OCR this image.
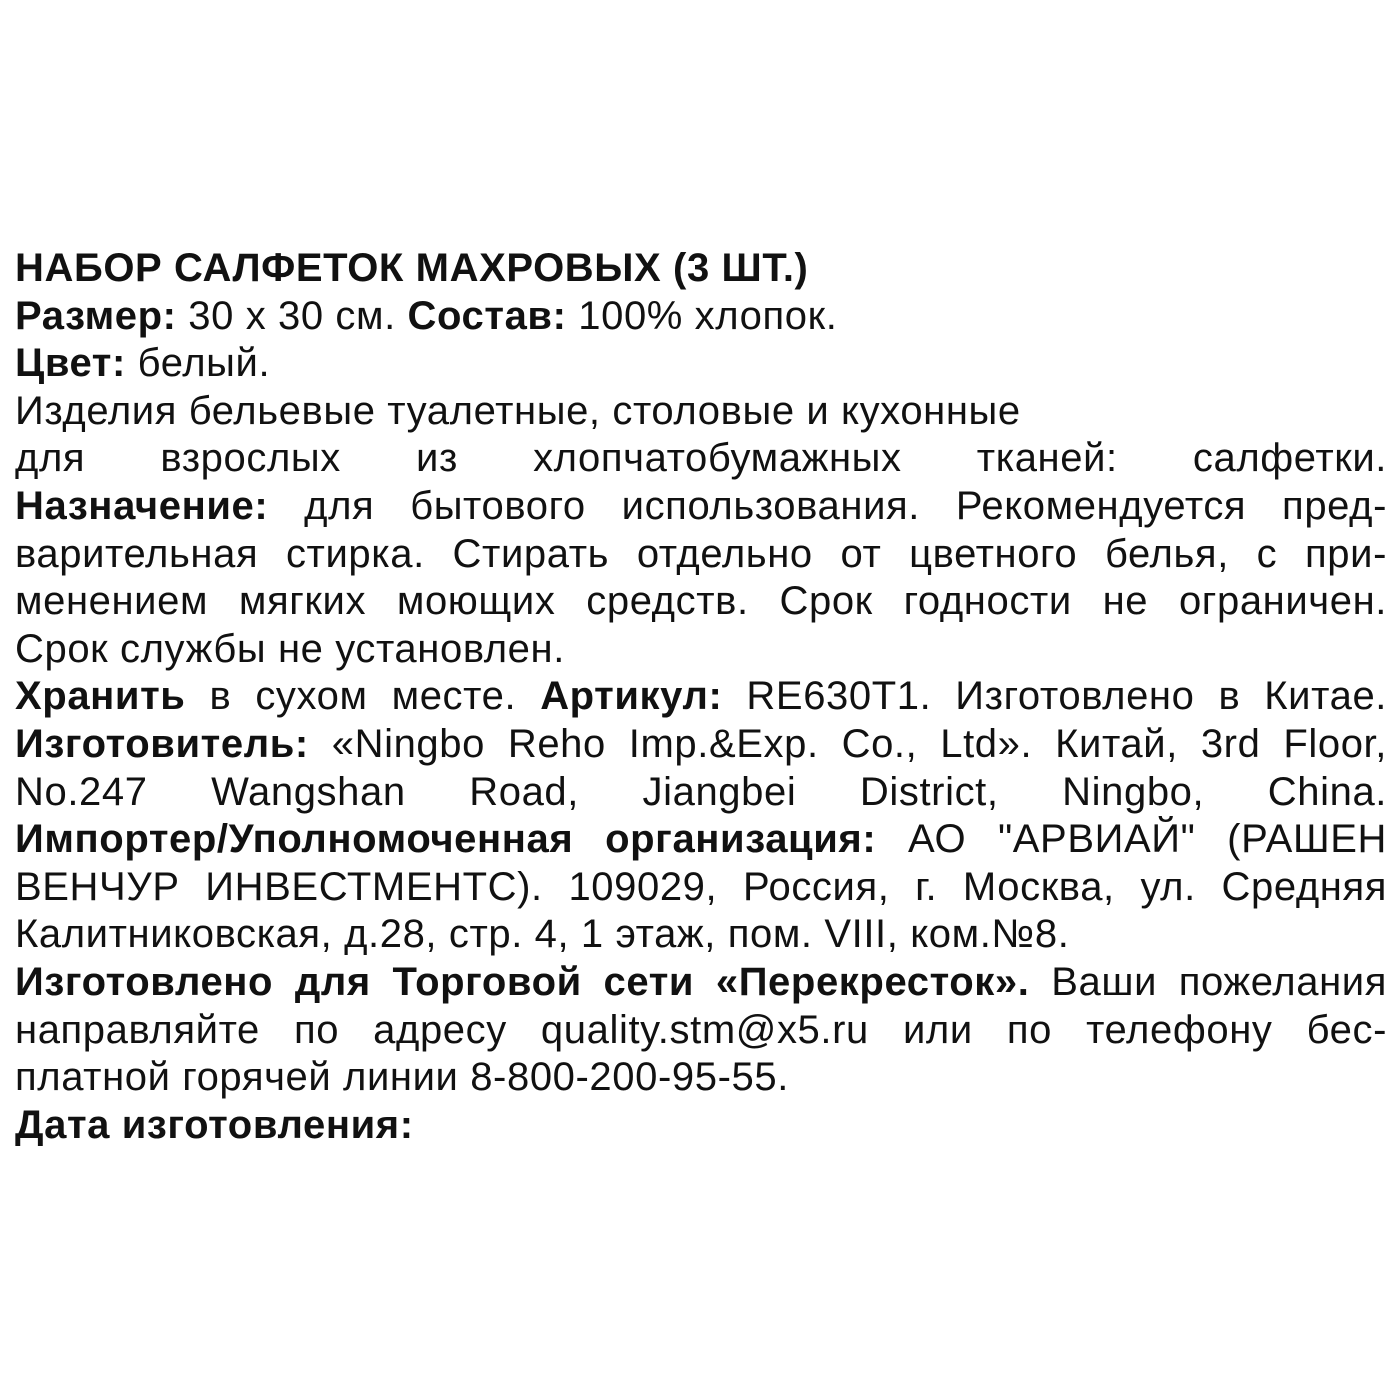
НАБОР САЛФЕТОК МАХРОВЫХ (3 ШТ.)
Размер: 30 х 30 см. Состав: 100% хлопок.
Цвет: белый.
Изделия бельевые туалетные, столовые и кухонные
для взрослых из хлопчатобумажных тканей: салфетки.
Назначение: для бытового использования. Рекомендуется пред-
варительная стирка. Стирать отдельно от цветного белья, с при-
менением мягких моющих средств. Срок годности не ограничен.
Срок службы не установлен.
Хранить в сухом месте. Артикул: RE630T1. Изготовлено в Китае.
Изготовитель: «Ningbo Reho Imp.&Exp. Co., Ltd». Китай, 3rd Floor,
No.247 Wangshan Road, Jiangbei District, Ningbo, China.
Импортер/Уполномоченная организация: АО "АРВИАЙ" (РАШЕН
ВЕНЧУР ИНВЕСТМЕНТС). 109029, Россия, г. Москва, ул. Средняя
Калитниковская, д.28, стр. 4, 1 этаж, пом. VIII, ком.№8.
Изготовлено для Торговой сети «Перекресток». Ваши пожелания
направляйте по адресу quality.stm@x5.ru или по телефону бес-
платной горячей линии 8-800-200-95-55.
Дата изготовления:
